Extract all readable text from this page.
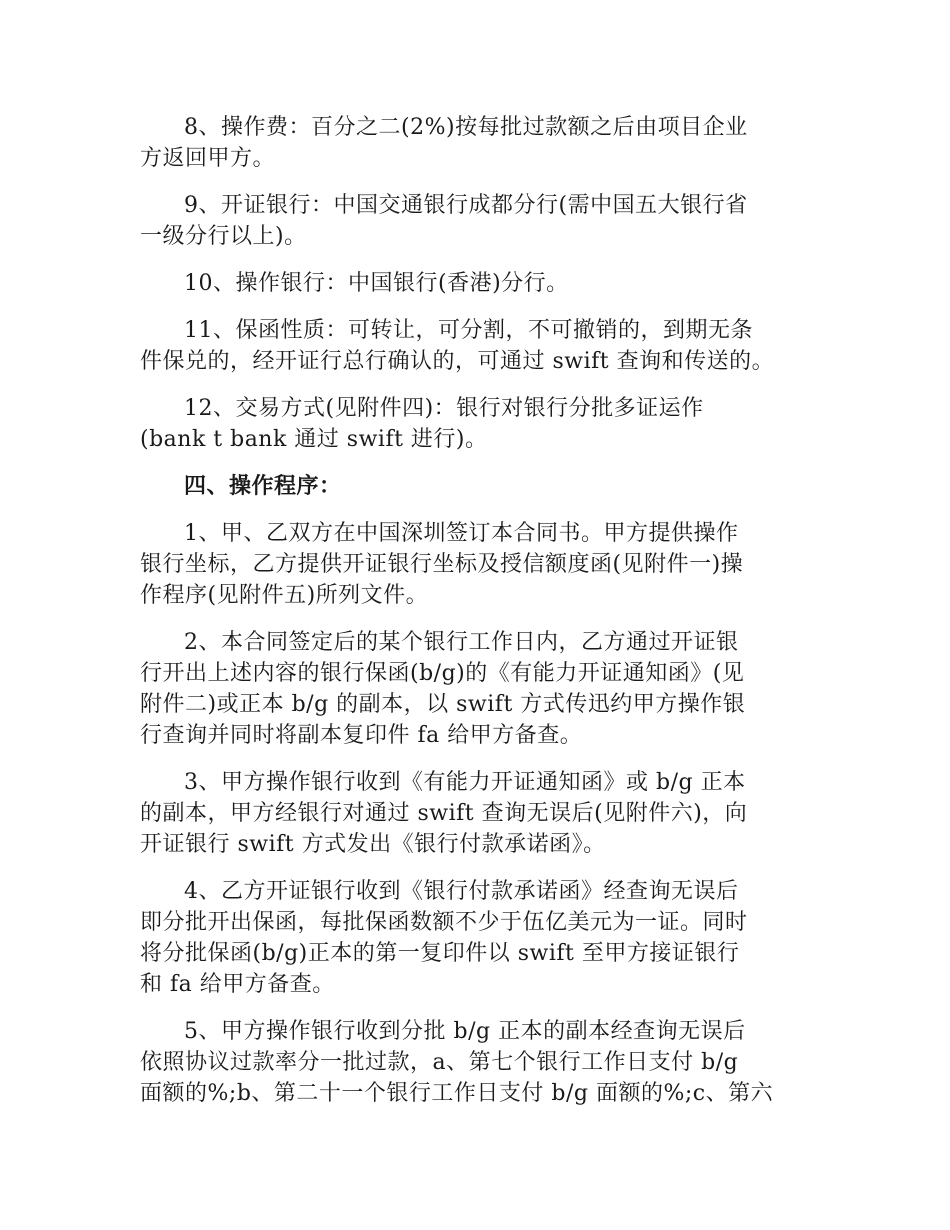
8、操作费：百分之二(2%)按每批过款额之后由项目企业
方返回甲方。
9、开证银行：中国交通银行成都分行(需中国五大银行省
一级分行以上)。
10、操作银行：中国银行(香港)分行。
11、保函性质：可转让，可分割，不可撤销的，到期无条
件保兑的，经开证行总行确认的，可通过 swift 查询和传送的。
12、交易方式(见附件四)：银行对银行分批多证运作
(bank t bank 通过 swift 进行)。
四、操作程序：
1、甲、乙双方在中国深圳签订本合同书。甲方提供操作
银行坐标，乙方提供开证银行坐标及授信额度函(见附件一)操
作程序(见附件五)所列文件。
2、本合同签定后的某个银行工作日内，乙方通过开证银
行开出上述内容的银行保函(b/g)的《有能力开证通知函》(见
附件二)或正本 b/g 的副本，以 swift 方式传迅约甲方操作银
行查询并同时将副本复印件 fa 给甲方备查。
3、甲方操作银行收到《有能力开证通知函》或 b/g 正本
的副本，甲方经银行对通过 swift 查询无误后(见附件六)，向
开证银行 swift 方式发出《银行付款承诺函》。
4、乙方开证银行收到《银行付款承诺函》经查询无误后
即分批开出保函，每批保函数额不少于伍亿美元为一证。同时
将分批保函(b/g)正本的第一复印件以 swift 至甲方接证银行
和 fa 给甲方备查。
5、甲方操作银行收到分批 b/g 正本的副本经查询无误后
依照协议过款率分一批过款，a、第七个银行工作日支付 b/g
面额的%;b、第二十一个银行工作日支付 b/g 面额的%;c、第六
